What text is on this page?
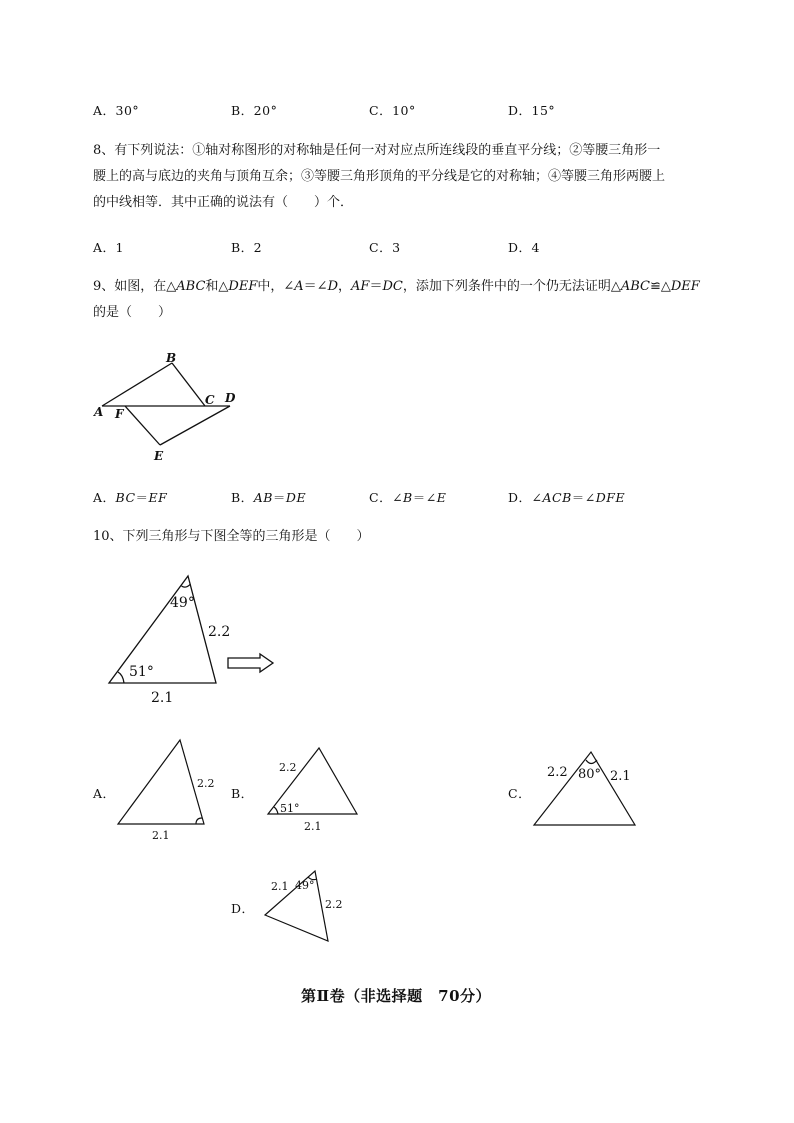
A．30°	B．20°	C．10°	D．15°
8、有下列说法：①轴对称图形的对称轴是任何一对对应点所连线段的垂直平分线；②等腰三角形一
腰上的高与底边的夹角与顶角互余；③等腰三角形顶角的平分线是它的对称轴；④等腰三角形两腰上
的中线相等．其中正确的说法有（　　）个．
A．1	B．2	C．3	D．4
9、如图，在△ABC和△DEF中，∠A＝∠D，AF＝DC，添加下列条件中的一个仍无法证明△ABC≌△DEF
的是（　　）
A
B
C D
F
E
A．BC＝EF	B．AB＝DE	C．∠B＝∠E	D．∠ACB＝∠DFE
10、下列三角形与下图全等的三角形是（　　）
49°
51°
2.2
2.1
A．	B．	C．
D．
2.2
2.1
2.2
51°
2.1
2.2 80° 2.1
2.1 49°
2.2
第Ⅱ卷（非选择题　70分）
